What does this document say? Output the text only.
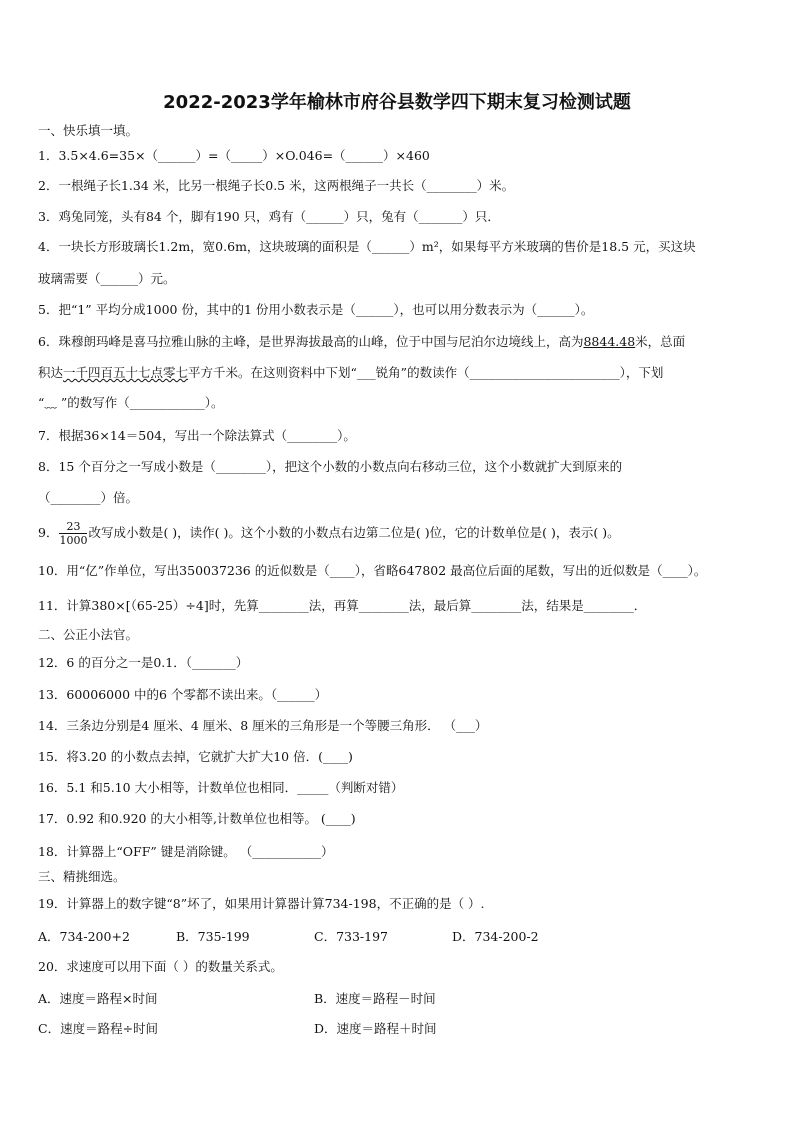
2022-2023学年榆林市府谷县数学四下期末复习检测试题
一、快乐填一填。
1．3.5×4.6=35×（______）=（_____）×O.046=（______）×460
2．一根绳子长1.34 米，比另一根绳子长0.5 米，这两根绳子一共长（________）米。
3．鸡兔同笼，头有84 个，脚有190 只，鸡有（______）只，兔有（_______）只．
4．一块长方形玻璃长1.2m，宽0.6m，这块玻璃的面积是（______）m²，如果每平方米玻璃的售价是18.5 元，买这块
玻璃需要（______）元。
5．把“1” 平均分成1000 份，其中的1 份用小数表示是（______），也可以用分数表示为（______）。
6．珠穆朗玛峰是喜马拉雅山脉的主峰，是世界海拔最高的山峰，位于中国与尼泊尔边境线上，高为8844.48米，总面
积达一千四百五十七点零七平方千米。在这则资料中下划“___锐角”的数读作（________________________），下划
“﹏ ”的数写作（____________）。
7．根据36×14＝504，写出一个除法算式（________）。
8．15 个百分之一写成小数是（________），把这个小数的小数点向右移动三位，这个小数就扩大到原来的
（________）倍。
9． $\frac{23}{1000}$ 改写成小数是( )，读作( )。这个小数的小数点右边第二位是( )位，它的计数单位是( )，表示( )。
10．用“亿”作单位，写出350037236 的近似数是（____），省略647802 最高位后面的尾数，写出的近似数是（____）。
11．计算380×[（65-25）÷4]时，先算________法，再算________法，最后算________法，结果是________．
二、公正小法官。
12．6 的百分之一是0.1．（_______）
13．60006000 中的6 个零都不读出来。（______）
14．三条边分别是4 厘米、4 厘米、8 厘米的三角形是一个等腰三角形． （___）
15．将3.20 的小数点去掉，它就扩大扩大10 倍．(____)
16．5.1 和5.10 大小相等，计数单位也相同．_____（判断对错）
17．0.92 和0.920 的大小相等,计数单位也相等。 (____)
18．计算器上“OFF” 键是消除键。 （___________）
三、精挑细选。
19．计算器上的数字键“8”坏了，如果用计算器计算734-198，不正确的是（ ）.
A．734-200+2	B．735-199	C．733-197	D．734-200-2
20．求速度可以用下面（ ）的数量关系式。
A．速度＝路程×时间	B．速度＝路程－时间
C．速度＝路程÷时间	D．速度＝路程＋时间
